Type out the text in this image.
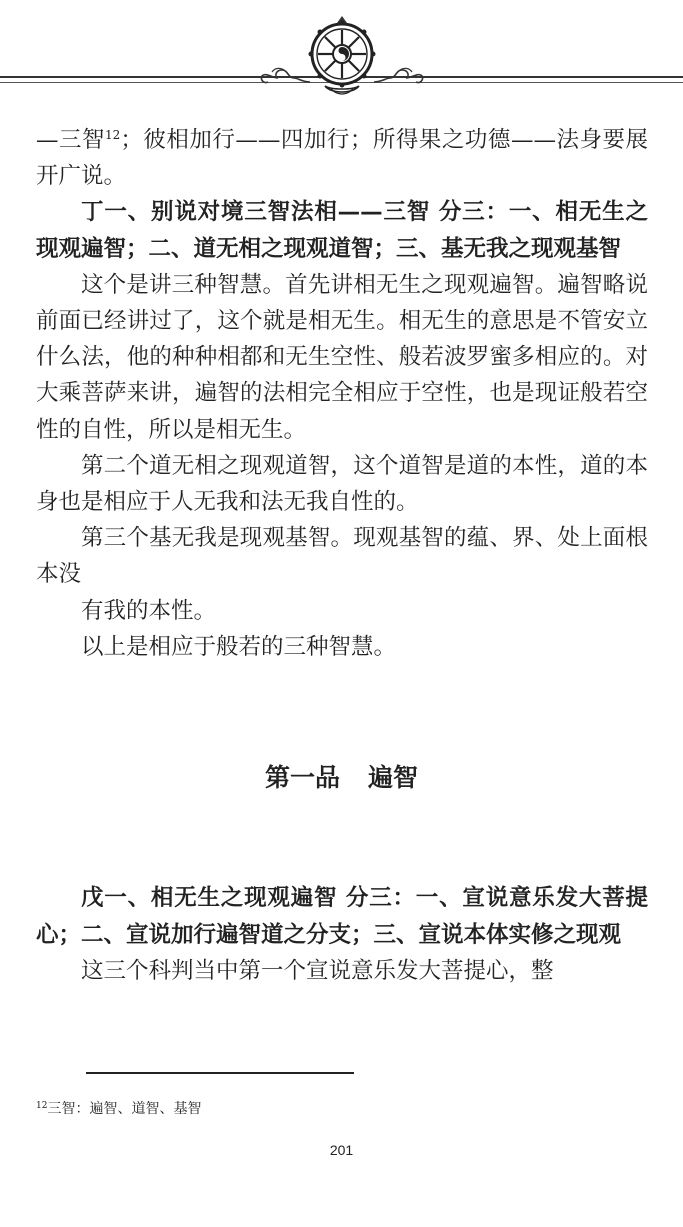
—三智$^{12}$；彼相加行——四加行；所得果之功德——法身要展开广说。

丁一、别说对境三智法相——三智 分三：一、相无生之现观遍智；二、道无相之现观道智；三、基无我之现观基智

这个是讲三种智慧。首先讲相无生之现观遍智。遍智略说前面已经讲过了，这个就是相无生。相无生的意思是不管安立什么法，他的种种相都和无生空性、般若波罗蜜多相应的。对大乘菩萨来讲，遍智的法相完全相应于空性，也是现证般若空性的自性，所以是相无生。

第二个道无相之现观道智，这个道智是道的本性，道的本身也是相应于人无我和法无我自性的。

第三个基无我是现观基智。现观基智的蕴、界、处上面根本没

有我的本性。

以上是相应于般若的三种智慧。

第一品 遍智

戊一、相无生之现观遍智 分三：一、宣说意乐发大菩提心；二、宣说加行遍智道之分支；三、宣说本体实修之现观

这三个科判当中第一个宣说意乐发大菩提心，整

$^{12}$三智：遍智、道智、基智
201
